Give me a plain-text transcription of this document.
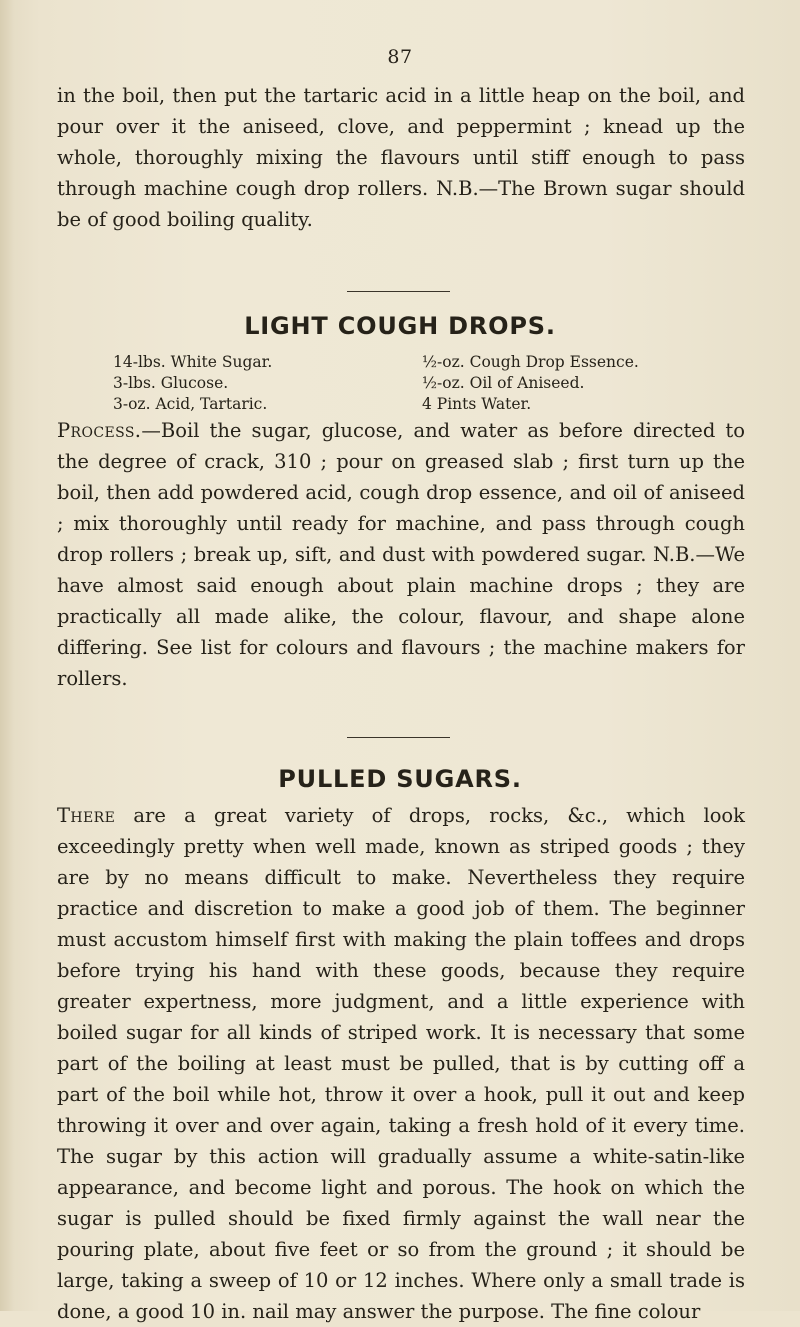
87

in the boil, then put the tartaric acid in a little heap on the boil, and pour over it the aniseed, clove, and peppermint ; knead up the whole, thoroughly mixing the flavours until stiff enough to pass through machine cough drop rollers. N.B.—The Brown sugar should be of good boiling quality.

LIGHT COUGH DROPS.
14-lbs. White Sugar.
3-lbs. Glucose.
3-oz. Acid, Tartaric.
½-oz. Cough Drop Essence.
½-oz. Oil of Aniseed.
4 Pints Water.

Process.—Boil the sugar, glucose, and water as before directed to the degree of crack, 310 ; pour on greased slab ; first turn up the boil, then add powdered acid, cough drop essence, and oil of aniseed ; mix thoroughly until ready for machine, and pass through cough drop rollers ; break up, sift, and dust with powdered sugar. N.B.—We have almost said enough about plain machine drops ; they are practically all made alike, the colour, flavour, and shape alone differing. See list for colours and flavours ; the machine makers for rollers.

PULLED SUGARS.

There are a great variety of drops, rocks, &c., which look exceedingly pretty when well made, known as striped goods ; they are by no means difficult to make. Nevertheless they require practice and discretion to make a good job of them. The beginner must accustom himself first with making the plain toffees and drops before trying his hand with these goods, because they require greater expertness, more judgment, and a little experience with boiled sugar for all kinds of striped work. It is necessary that some part of the boiling at least must be pulled, that is by cutting off a part of the boil while hot, throw it over a hook, pull it out and keep throwing it over and over again, taking a fresh hold of it every time. The sugar by this action will gradually assume a white-satin-like appearance, and become light and porous. The hook on which the sugar is pulled should be fixed firmly against the wall near the pouring plate, about five feet or so from the ground ; it should be large, taking a sweep of 10 or 12 inches. Where only a small trade is done, a good 10 in. nail may answer the purpose. The fine colour
